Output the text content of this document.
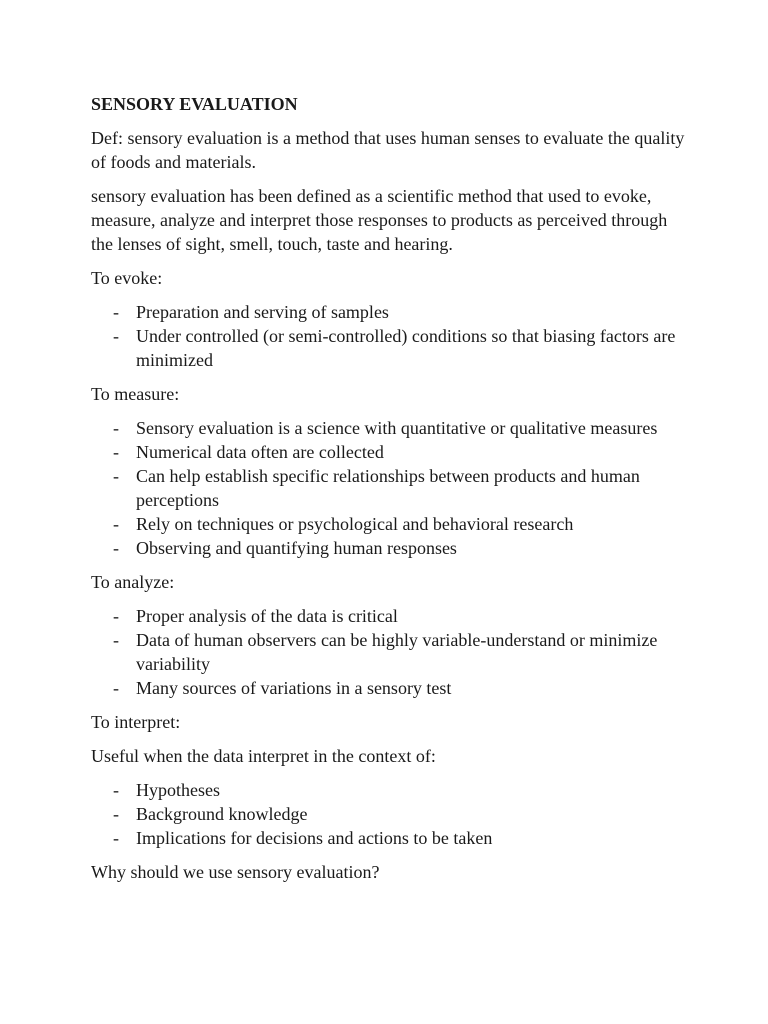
SENSORY EVALUATION
Def: sensory evaluation is a method that uses human senses to evaluate the quality of foods and materials.
sensory evaluation has been defined as a scientific method that used to evoke, measure, analyze and interpret those responses to products as perceived through the lenses of sight, smell, touch, taste and hearing.
To evoke:
- Preparation and serving of samples
- Under controlled (or semi-controlled) conditions so that biasing factors are minimized
To measure:
- Sensory evaluation is a science with quantitative or qualitative measures
- Numerical data often are collected
- Can help establish specific relationships between products and human perceptions
- Rely on techniques or psychological and behavioral research
- Observing and quantifying human responses
To analyze:
- Proper analysis of the data is critical
- Data of human observers can be highly variable-understand or minimize variability
- Many sources of variations in a sensory test
To interpret:
Useful when the data interpret in the context of:
- Hypotheses
- Background knowledge
- Implications for decisions and actions to be taken
Why should we use sensory evaluation?
